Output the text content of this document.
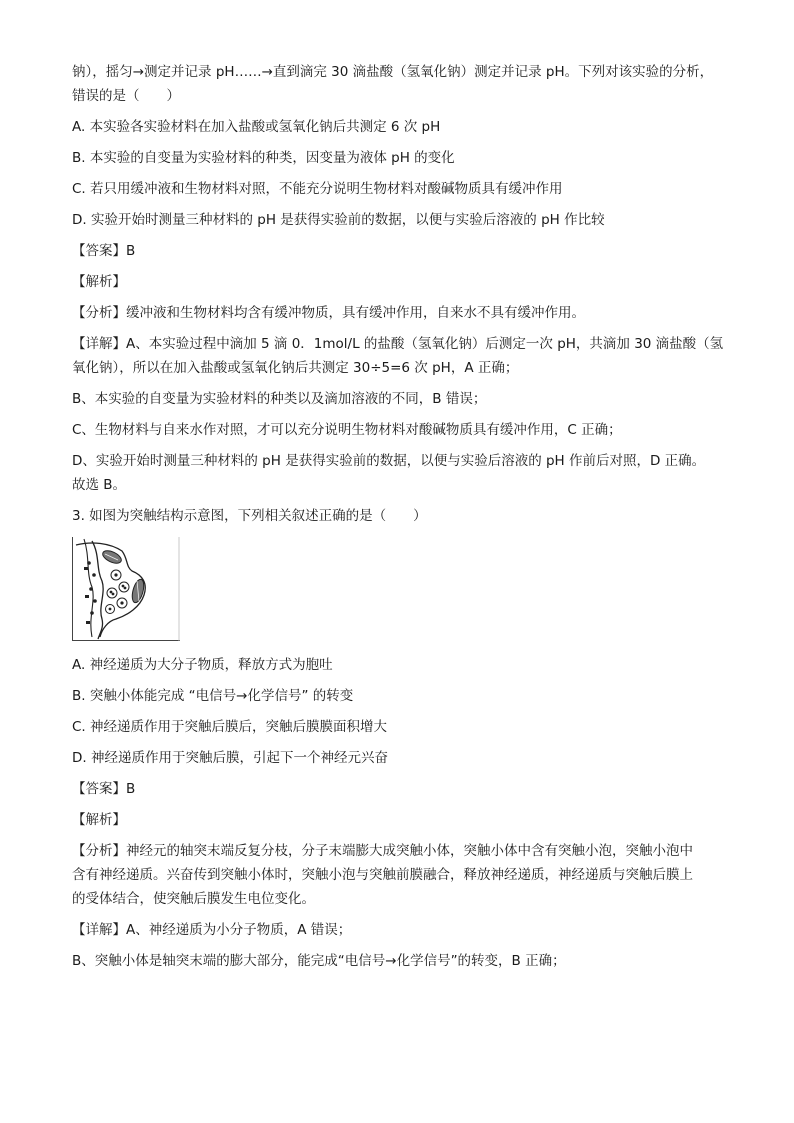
钠），摇匀→测定并记录 pH……→直到滴完 30 滴盐酸（氢氧化钠）测定并记录 pH。下列对该实验的分析，

错误的是（　　）

A. 本实验各实验材料在加入盐酸或氢氧化钠后共测定 6 次 pH

B. 本实验的自变量为实验材料的种类，因变量为液体 pH 的变化

C. 若只用缓冲液和生物材料对照，不能充分说明生物材料对酸碱物质具有缓冲作用

D. 实验开始时测量三种材料的 pH 是获得实验前的数据，以便与实验后溶液的 pH 作比较

【答案】B

【解析】

【分析】缓冲液和生物材料均含有缓冲物质，具有缓冲作用，自来水不具有缓冲作用。

【详解】A、本实验过程中滴加 5 滴 0．1mol/L 的盐酸（氢氧化钠）后测定一次 pH，共滴加 30 滴盐酸（氢

氧化钠），所以在加入盐酸或氢氧化钠后共测定 30÷5=6 次 pH，A 正确；

B、本实验的自变量为实验材料的种类以及滴加溶液的不同，B 错误；

C、生物材料与自来水作对照，才可以充分说明生物材料对酸碱物质具有缓冲作用，C 正确；

D、实验开始时测量三种材料的 pH 是获得实验前的数据，以便与实验后溶液的 pH 作前后对照，D 正确。

故选 B。

3. 如图为突触结构示意图，下列相关叙述正确的是（　　）

A. 神经递质为大分子物质，释放方式为胞吐

B. 突触小体能完成 “电信号→化学信号” 的转变

C. 神经递质作用于突触后膜后，突触后膜膜面积增大

D. 神经递质作用于突触后膜，引起下一个神经元兴奋

【答案】B

【解析】

【分析】神经元的轴突末端反复分枝，分子末端膨大成突触小体，突触小体中含有突触小泡，突触小泡中

含有神经递质。兴奋传到突触小体时，突触小泡与突触前膜融合，释放神经递质，神经递质与突触后膜上

的受体结合，使突触后膜发生电位变化。

【详解】A、神经递质为小分子物质，A 错误；

B、突触小体是轴突末端的膨大部分，能完成“电信号→化学信号”的转变，B 正确；
